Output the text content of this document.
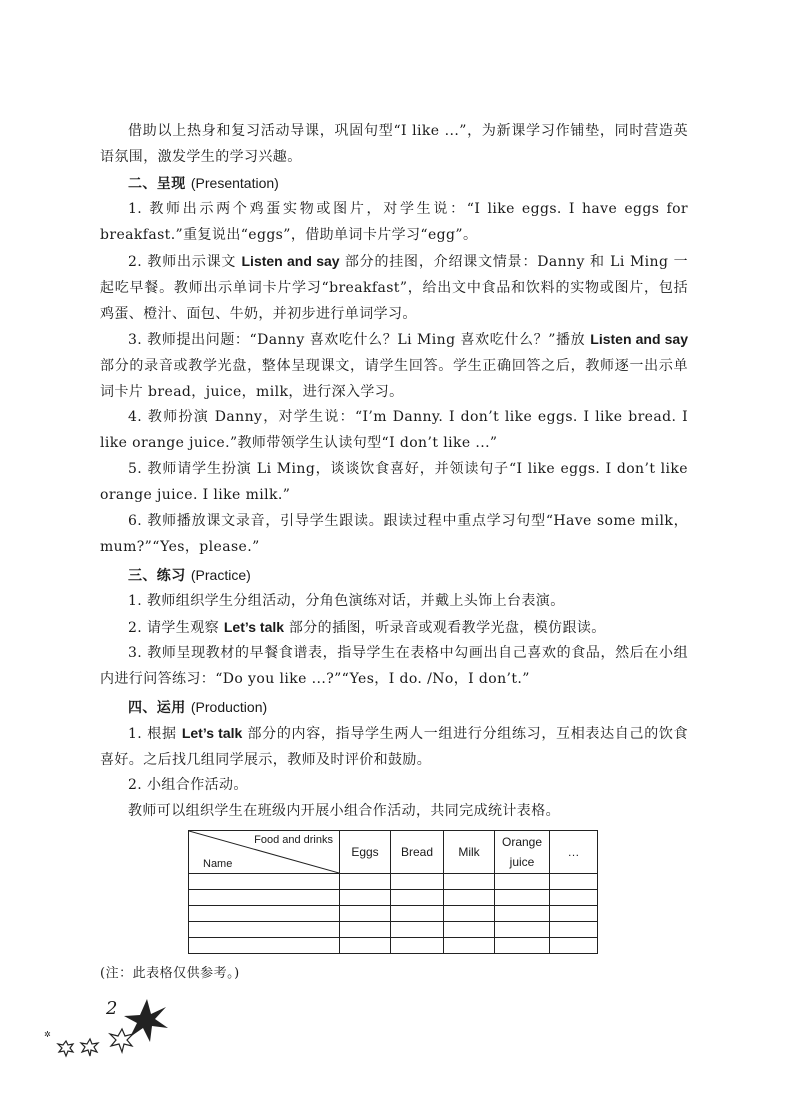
借助以上热身和复习活动导课，巩固句型“I like ...”，为新课学习作铺垫，同时营造英语氛围，激发学生的学习兴趣。

二、呈现 (Presentation)

1. 教师出示两个鸡蛋实物或图片，对学生说：“I like eggs. I have eggs for breakfast.”重复说出“eggs”，借助单词卡片学习“egg”。

2. 教师出示课文 Listen and say 部分的挂图，介绍课文情景：Danny 和 Li Ming 一起吃早餐。教师出示单词卡片学习“breakfast”，给出文中食品和饮料的实物或图片，包括鸡蛋、橙汁、面包、牛奶，并初步进行单词学习。

3. 教师提出问题：“Danny 喜欢吃什么？Li Ming 喜欢吃什么？”播放 Listen and say 部分的录音或教学光盘，整体呈现课文，请学生回答。学生正确回答之后，教师逐一出示单词卡片 bread，juice，milk，进行深入学习。

4. 教师扮演 Danny，对学生说：“I’m Danny. I don’t like eggs. I like bread. I like orange juice.”教师带领学生认读句型“I don’t like ...”

5. 教师请学生扮演 Li Ming，谈谈饮食喜好，并领读句子“I like eggs. I don’t like orange juice. I like milk.”

6. 教师播放课文录音，引导学生跟读。跟读过程中重点学习句型“Have some milk，mum?”“Yes，please.”

三、练习 (Practice)

1. 教师组织学生分组活动，分角色演练对话，并戴上头饰上台表演。

2. 请学生观察 Let’s talk 部分的插图，听录音或观看教学光盘，模仿跟读。

3. 教师呈现教材的早餐食谱表，指导学生在表格中勾画出自己喜欢的食品，然后在小组内进行问答练习：“Do you like ...?”“Yes，I do. /No，I don’t.”

四、运用 (Production)

1. 根据 Let’s talk 部分的内容，指导学生两人一组进行分组练习，互相表达自己的饮食喜好。之后找几组同学展示，教师及时评价和鼓励。

2. 小组合作活动。

教师可以组织学生在班级内开展小组合作活动，共同完成统计表格。

Food and drinks
Name	Eggs	Bread	Milk	Orange juice	…

(注：此表格仅供参考。)
2
✲
